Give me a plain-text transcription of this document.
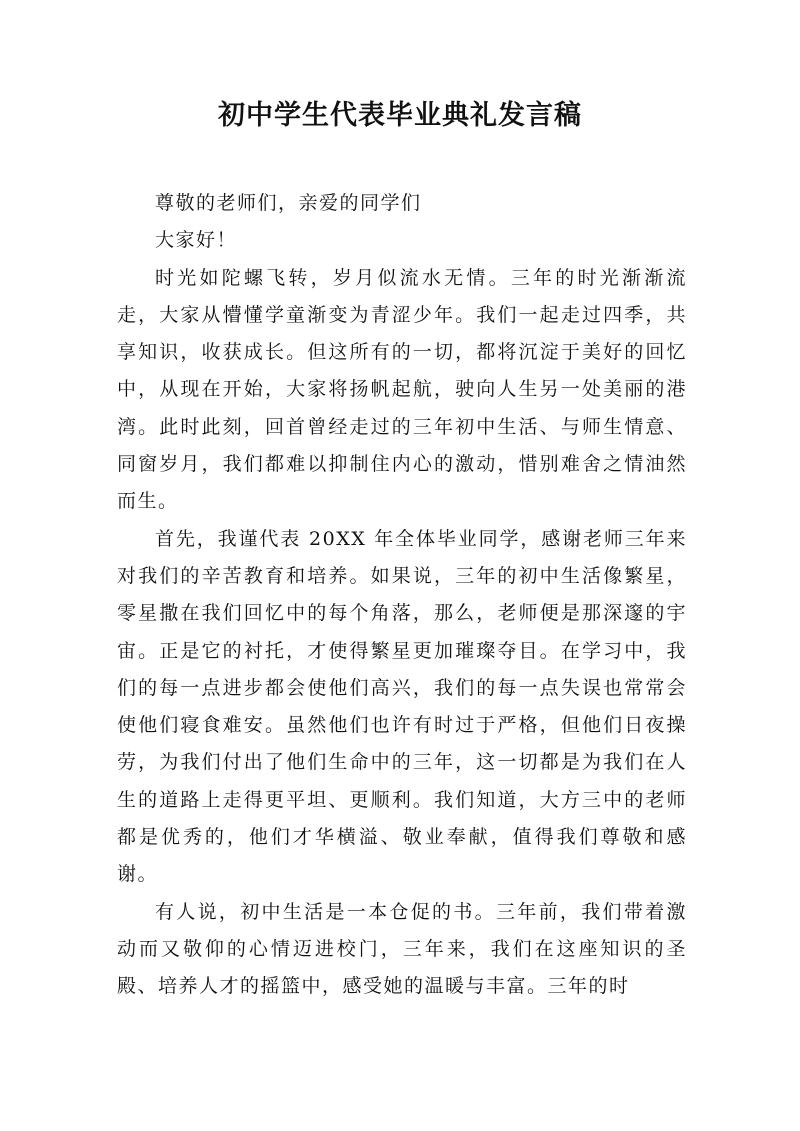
初中学生代表毕业典礼发言稿

尊敬的老师们，亲爱的同学们

大家好！

时光如陀螺飞转，岁月似流水无情。三年的时光渐渐流走，大家从懵懂学童渐变为青涩少年。我们一起走过四季，共享知识，收获成长。但这所有的一切，都将沉淀于美好的回忆中，从现在开始，大家将扬帆起航，驶向人生另一处美丽的港湾。此时此刻，回首曾经走过的三年初中生活、与师生情意、同窗岁月，我们都难以抑制住内心的激动，惜别难舍之情油然而生。

首先，我谨代表 20XX 年全体毕业同学，感谢老师三年来对我们的辛苦教育和培养。如果说，三年的初中生活像繁星，零星撒在我们回忆中的每个角落，那么，老师便是那深邃的宇宙。正是它的衬托，才使得繁星更加璀璨夺目。在学习中，我们的每一点进步都会使他们高兴，我们的每一点失误也常常会使他们寝食难安。虽然他们也许有时过于严格，但他们日夜操劳，为我们付出了他们生命中的三年，这一切都是为我们在人生的道路上走得更平坦、更顺利。我们知道，大方三中的老师都是优秀的，他们才华横溢、敬业奉献，值得我们尊敬和感谢。

有人说，初中生活是一本仓促的书。三年前，我们带着激动而又敬仰的心情迈进校门，三年来，我们在这座知识的圣殿、培养人才的摇篮中，感受她的温暖与丰富。三年的时
